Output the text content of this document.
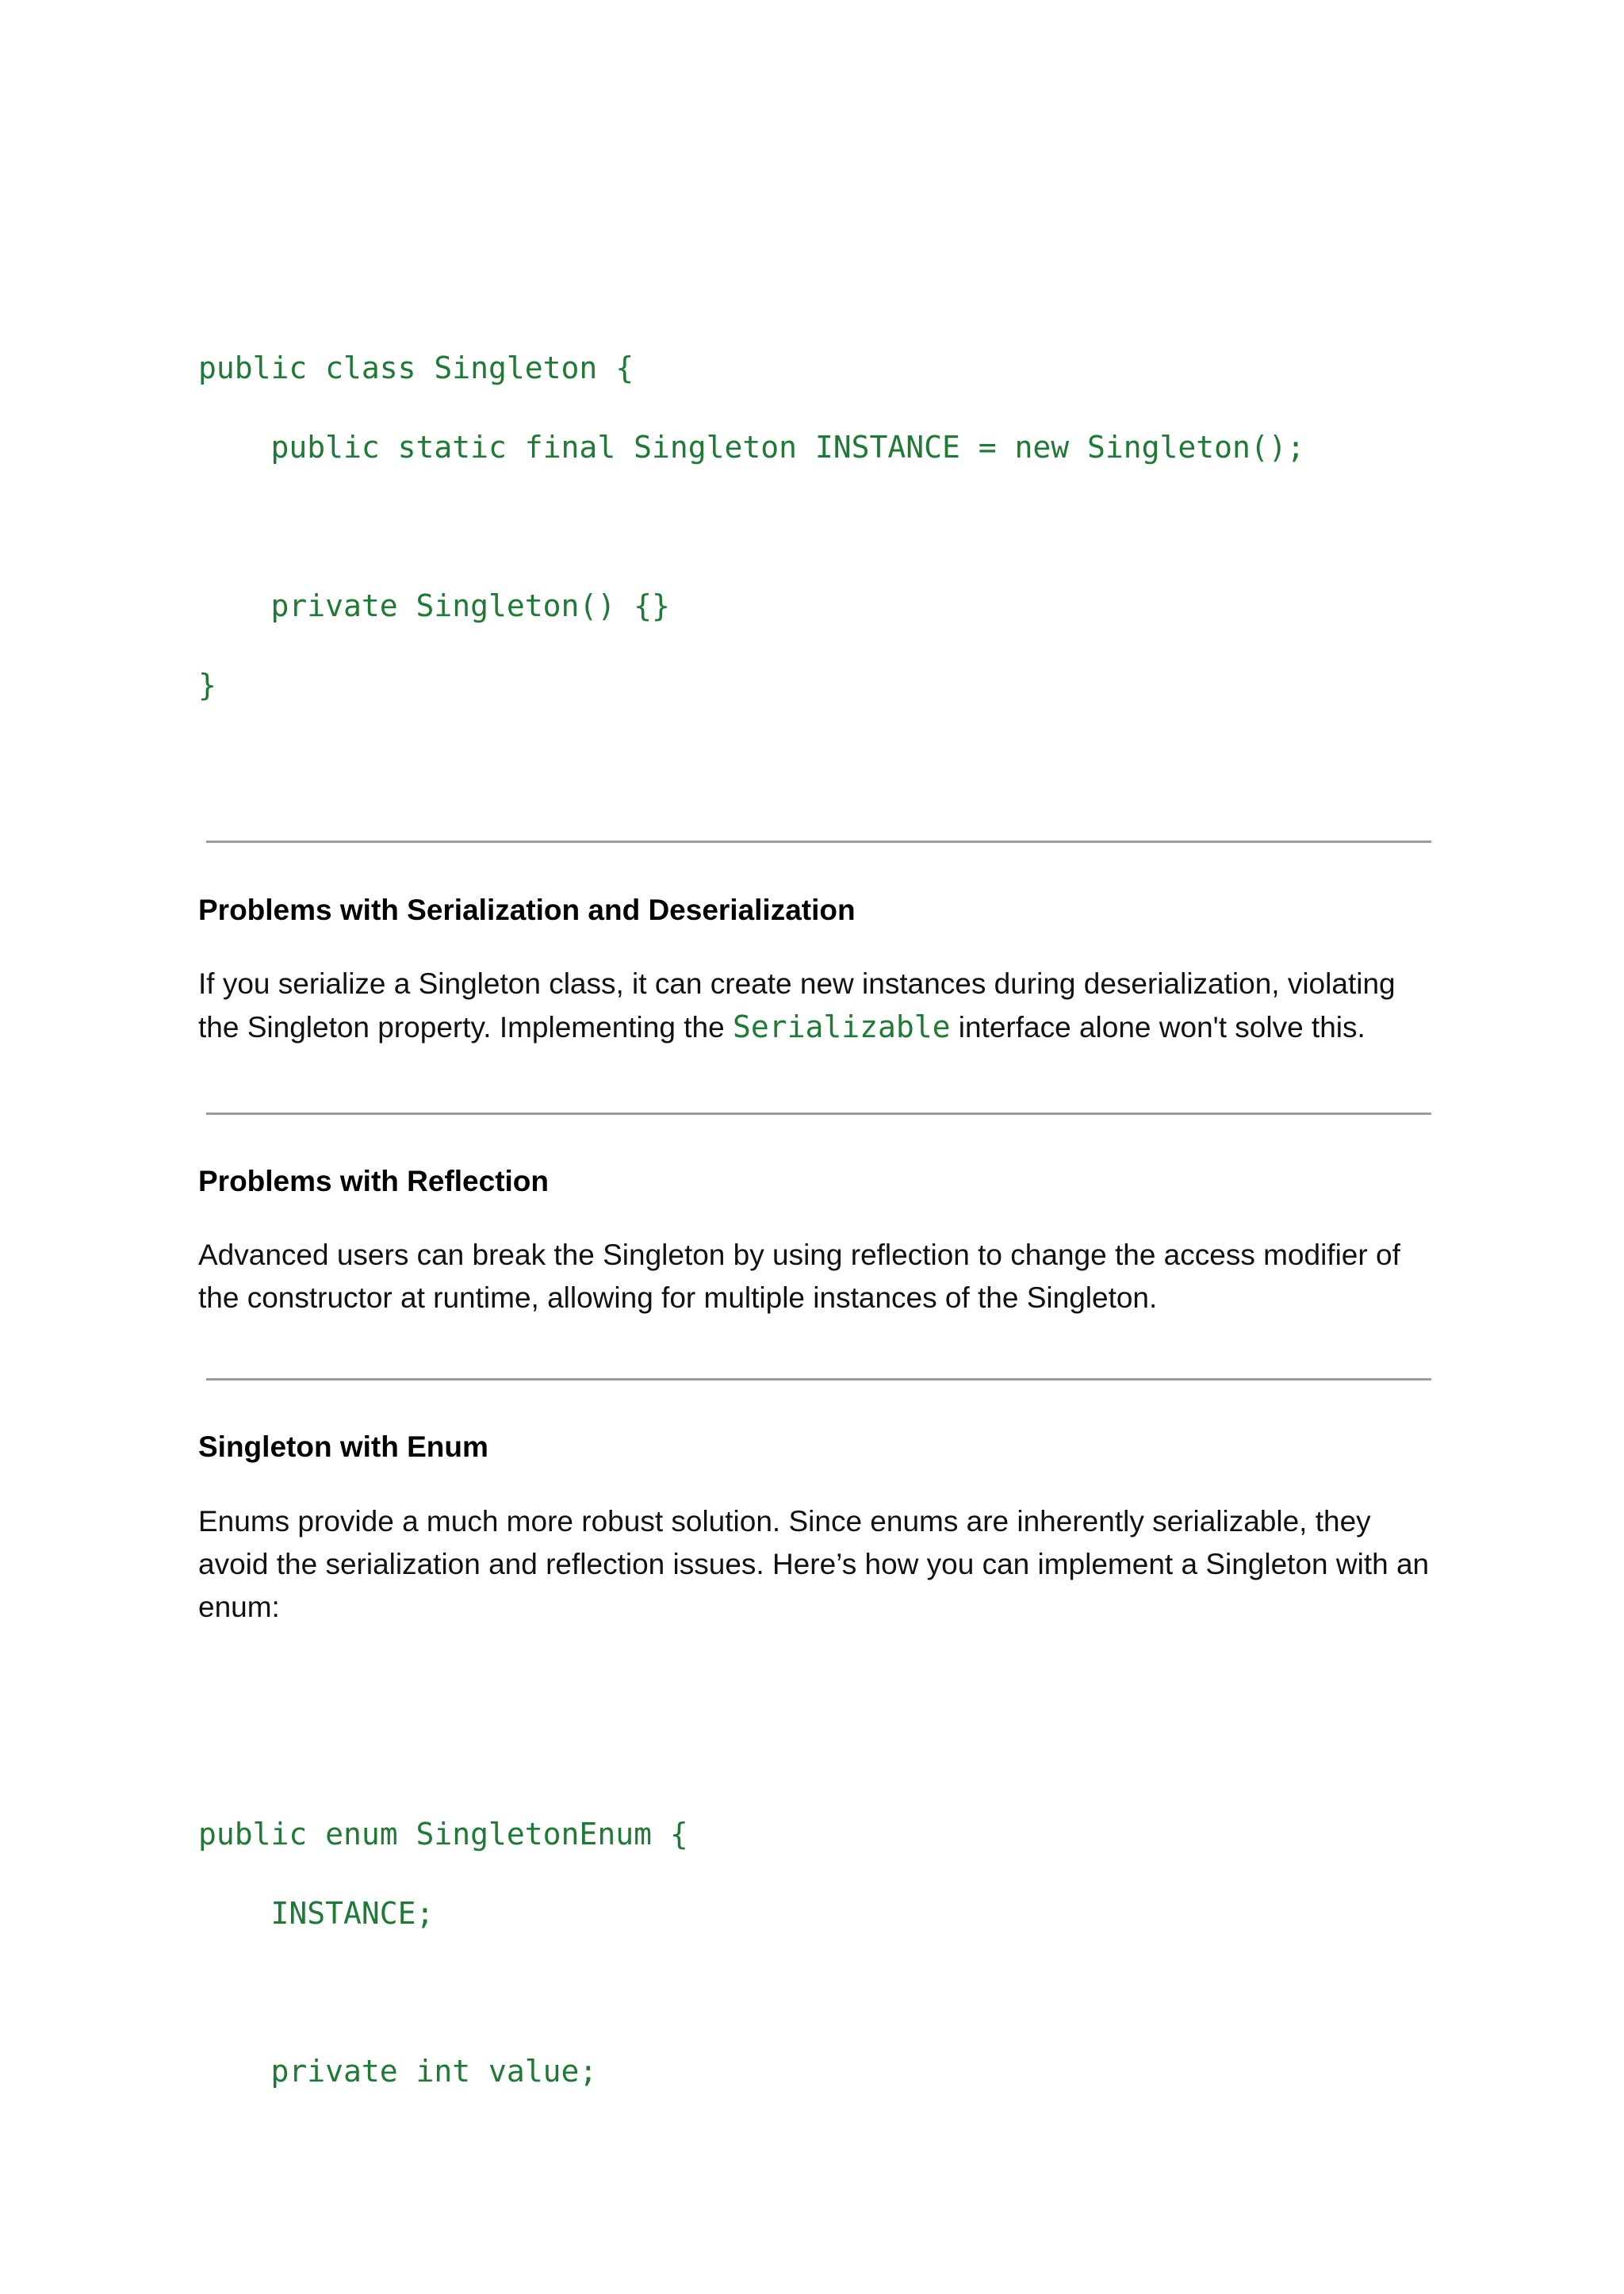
public class Singleton {
public static final Singleton INSTANCE = new Singleton();
private Singleton() {}
}
Problems with Serialization and Deserialization

If you serialize a Singleton class, it can create new instances during deserialization, violating the Singleton property. Implementing the Serializable interface alone won't solve this.

Problems with Reflection

Advanced users can break the Singleton by using reflection to change the access modifier of the constructor at runtime, allowing for multiple instances of the Singleton.

Singleton with Enum

Enums provide a much more robust solution. Since enums are inherently serializable, they avoid the serialization and reflection issues. Here’s how you can implement a Singleton with an enum:

public enum SingletonEnum {
INSTANCE;
private int value;
